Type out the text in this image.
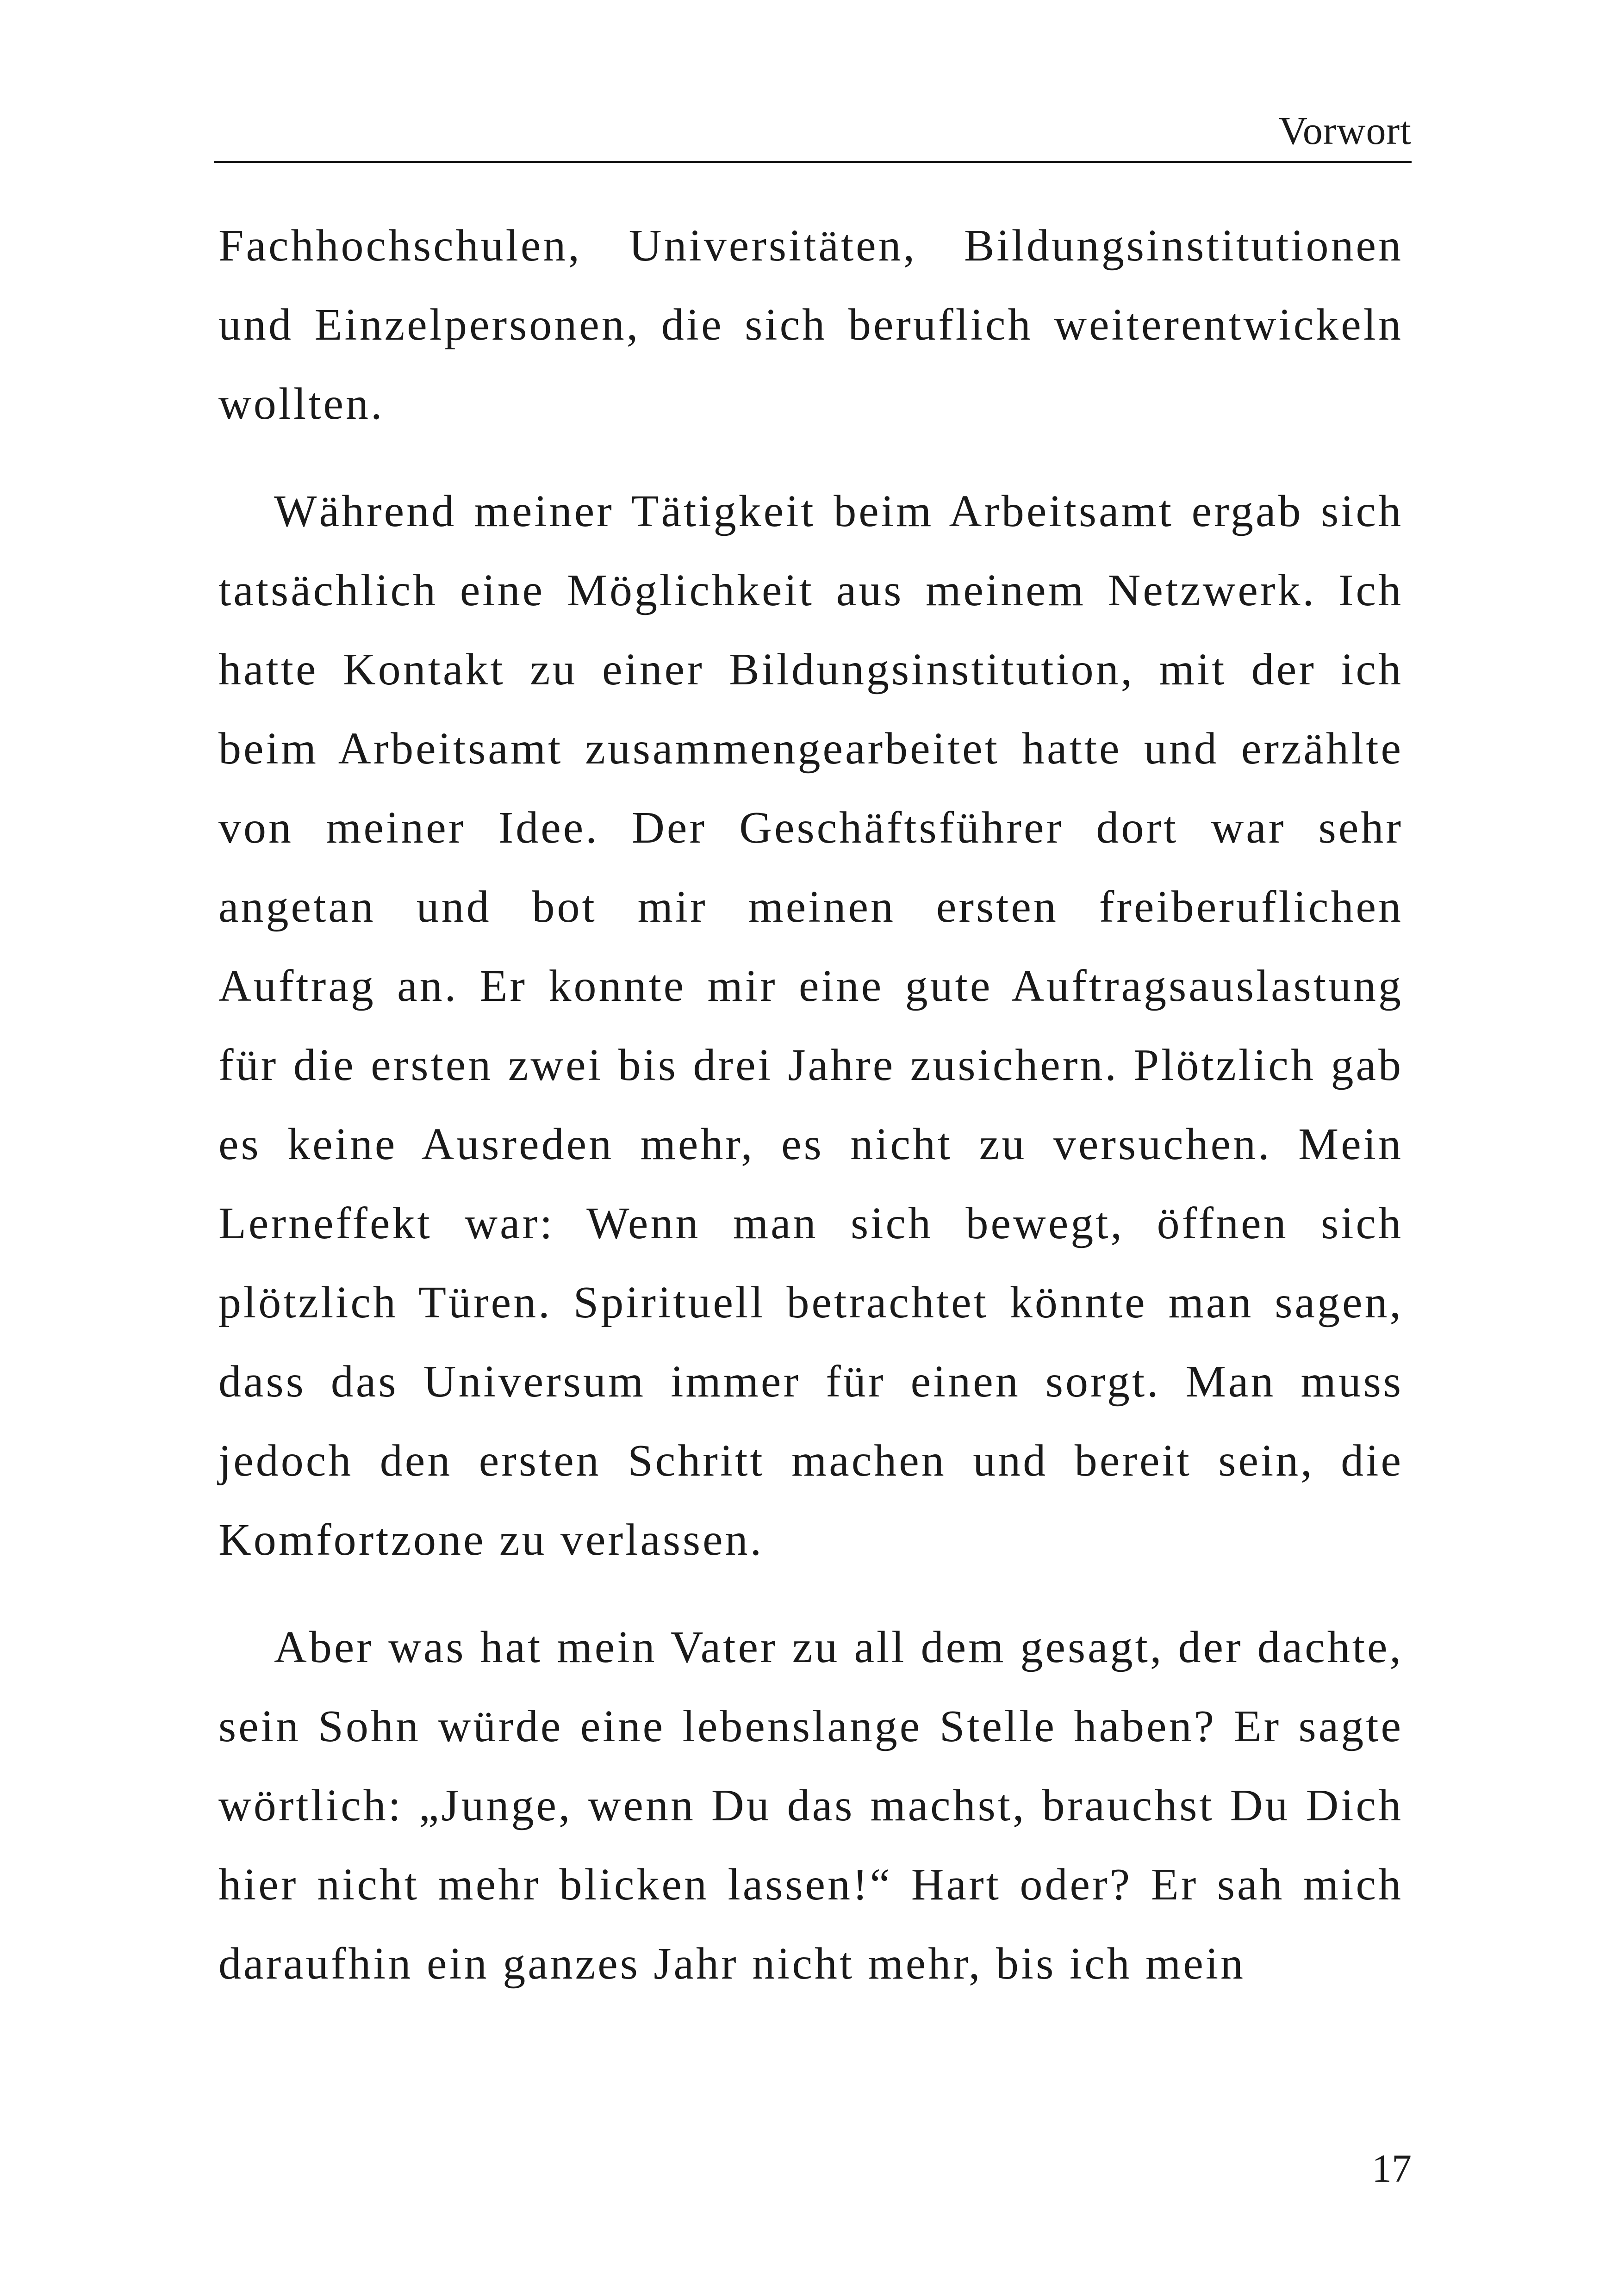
Vorwort

Fachhochschulen, Universitäten, Bildungsinstitutionen und Einzelpersonen, die sich beruflich weiterentwickeln wollten.

Während meiner Tätigkeit beim Arbeitsamt ergab sich tatsächlich eine Möglichkeit aus meinem Netzwerk. Ich hatte Kontakt zu einer Bildungsinstitution, mit der ich beim Arbeitsamt zusammengearbeitet hatte und erzählte von meiner Idee. Der Geschäftsführer dort war sehr angetan und bot mir meinen ersten freiberuflichen Auftrag an. Er konnte mir eine gute Auftragsauslastung für die ersten zwei bis drei Jahre zusichern. Plötzlich gab es keine Ausreden mehr, es nicht zu versuchen. Mein Lerneffekt war: Wenn man sich bewegt, öffnen sich plötzlich Türen. Spirituell betrachtet könnte man sagen, dass das Universum immer für einen sorgt. Man muss jedoch den ersten Schritt machen und bereit sein, die Komfortzone zu verlassen.

Aber was hat mein Vater zu all dem gesagt, der dachte, sein Sohn würde eine lebenslange Stelle haben? Er sagte wörtlich: „Junge, wenn Du das machst, brauchst Du Dich hier nicht mehr blicken lassen!“ Hart oder? Er sah mich daraufhin ein ganzes Jahr nicht mehr, bis ich mein

17
